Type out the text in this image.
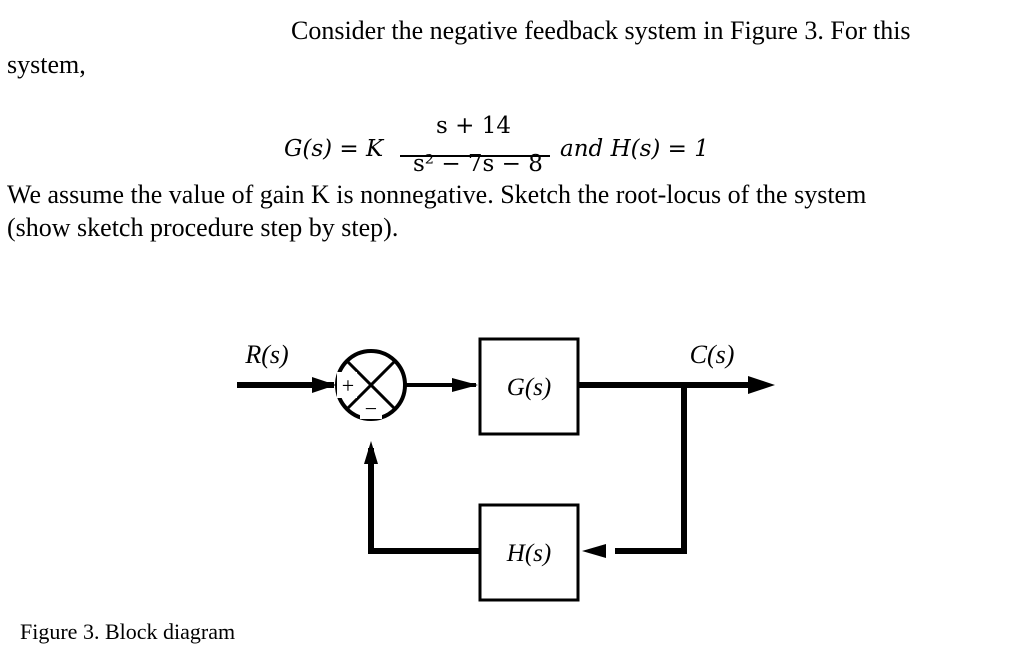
Consider the negative feedback system in Figure 3. For this
system,
G(s) = K
s + 14
s² − 7s − 8
and H(s) = 1
We assume the value of gain K is nonnegative. Sketch the root-locus of the system
(show sketch procedure step by step).
+
−
G(s)
H(s)
R(s)	C(s)
Figure 3. Block diagram
